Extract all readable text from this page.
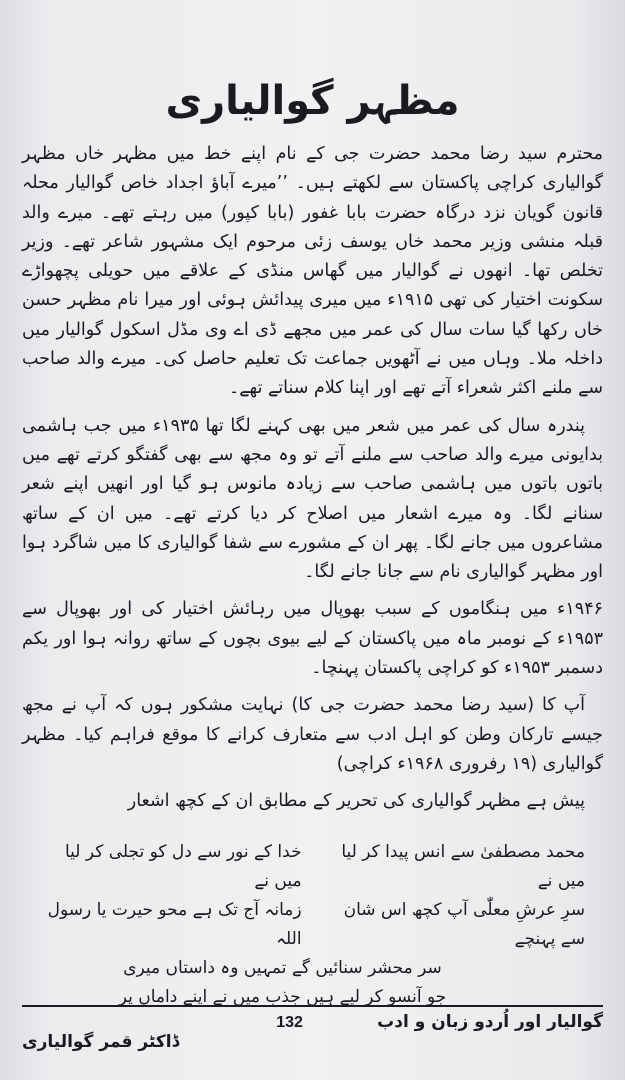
مظہر گوالیاری

محترم سید رضا محمد حضرت جی کے نام اپنے خط میں مظہر خاں مظہر گوالیاری کراچی پاکستان سے لکھتے ہیں۔ ’’میرے آباؤ اجداد خاص گوالیار محلہ قانون گویان نزد درگاہ حضرت بابا غفور (بابا کپور) میں رہتے تھے۔ میرے والد قبلہ منشی وزیر محمد خاں یوسف زئی مرحوم ایک مشہور شاعر تھے۔ وزیر تخلص تھا۔ انھوں نے گوالیار میں گھاس منڈی کے علاقے میں حویلی پچھواڑے سکونت اختیار کی تھی ۱۹۱۵ء میں میری پیدائش ہوئی اور میرا نام مظہر حسن خاں رکھا گیا سات سال کی عمر میں مجھے ڈی اے وی مڈل اسکول گوالیار میں داخلہ ملا۔ وہاں میں نے آٹھویں جماعت تک تعلیم حاصل کی۔ میرے والد صاحب سے ملنے اکثر شعراء آتے تھے اور اپنا کلام سناتے تھے۔

پندرہ سال کی عمر میں شعر میں بھی کہنے لگا تھا ۱۹۳۵ء میں جب ہاشمی بدایونی میرے والد صاحب سے ملنے آتے تو وہ مجھ سے بھی گفتگو کرتے تھے میں باتوں باتوں میں ہاشمی صاحب سے زیادہ مانوس ہو گیا اور انھیں اپنے شعر سنانے لگا۔ وہ میرے اشعار میں اصلاح کر دیا کرتے تھے۔ میں ان کے ساتھ مشاعروں میں جانے لگا۔ پھر ان کے مشورے سے شفا گوالیاری کا میں شاگرد ہوا اور مظہر گوالیاری نام سے جانا جانے لگا۔

۱۹۴۶ء میں ہنگاموں کے سبب بھوپال میں رہائش اختیار کی اور بھوپال سے ۱۹۵۳ء کے نومبر ماہ میں پاکستان کے لیے بیوی بچوں کے ساتھ روانہ ہوا اور یکم دسمبر ۱۹۵۳ء کو کراچی پاکستان پہنچا۔

آپ کا (سید رضا محمد حضرت جی کا) نہایت مشکور ہوں کہ آپ نے مجھ جیسے تارکان وطن کو اہل ادب سے متعارف کرانے کا موقع فراہم کیا۔ مظہر گوالیاری (۱۹ رفروری ۱۹۶۸ء کراچی)

پیش ہے مظہر گوالیاری کی تحریر کے مطابق ان کے کچھ اشعار

محمد مصطفیٰ سے انس پیدا کر لیا میں نے
خدا کے نور سے دل کو تجلی کر لیا میں نے
سرِ عرشِ معلّٰی آپ کچھ اس شان سے پہنچے
زمانہ آج تک ہے محو حیرت یا رسول اللہ
سر محشر سنائیں گے تمہیں وہ داستاں میری
جو آنسو کر لیے ہیں جذب میں نے اپنے داماں پر
ڈاکٹر قمر گوالیاری
132	گوالیار اور اُردو زبان و ادب
